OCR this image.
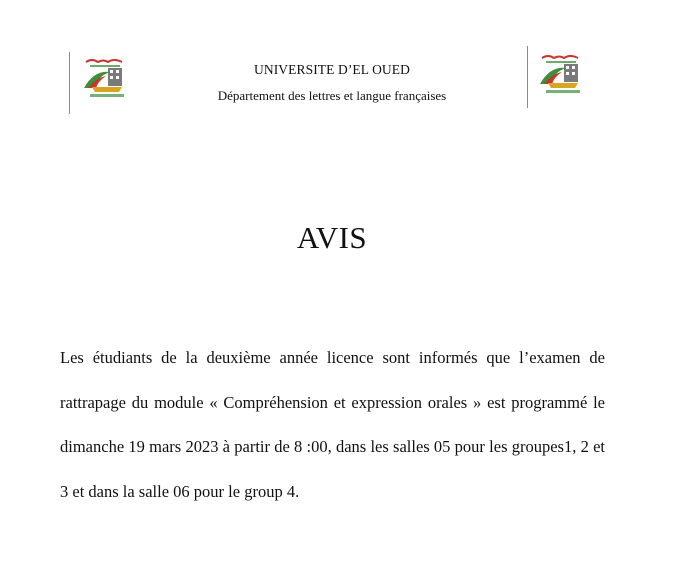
UNIVERSITE D’EL OUED
Département des lettres et langue françaises
AVIS
Les étudiants de la deuxième année licence sont informés que l’examen de rattrapage du module « Compréhension et expression orales » est programmé le dimanche 19 mars 2023 à partir de 8 :00, dans les salles 05 pour les groupes1, 2 et 3 et dans la salle 06 pour le group 4.
